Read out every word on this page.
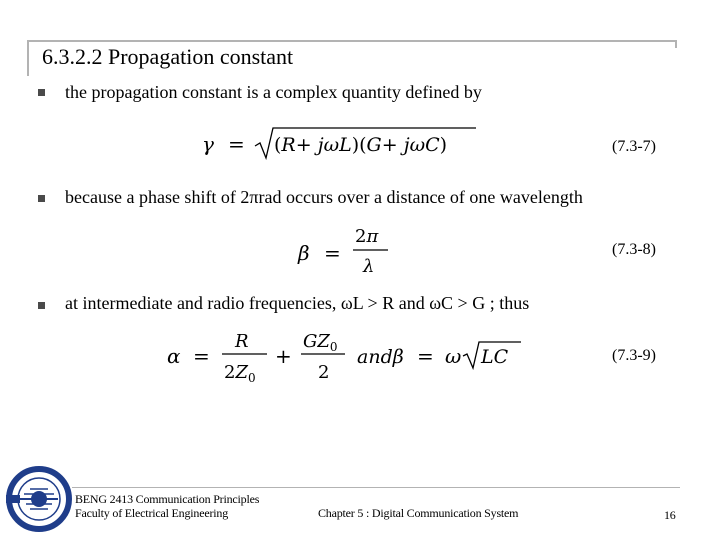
6.3.2.2 Propagation constant
the propagation constant is a complex quantity defined by
γ = (R+ jωL)(G+ jωC)	(7.3-7)
because a phase shift of 2πrad occurs over a distance of one wavelength
β =
2π
λ
(7.3-8)
at intermediate and radio frequencies, ωL > R and ωC > G ; thus
α =
R
$2Z_0$
+
$GZ_0$
2
andβ = ω LC	(7.3-9)
BENG 2413 Communication Principles
Faculty of Electrical Engineering	Chapter 5 : Digital Communication System	16
